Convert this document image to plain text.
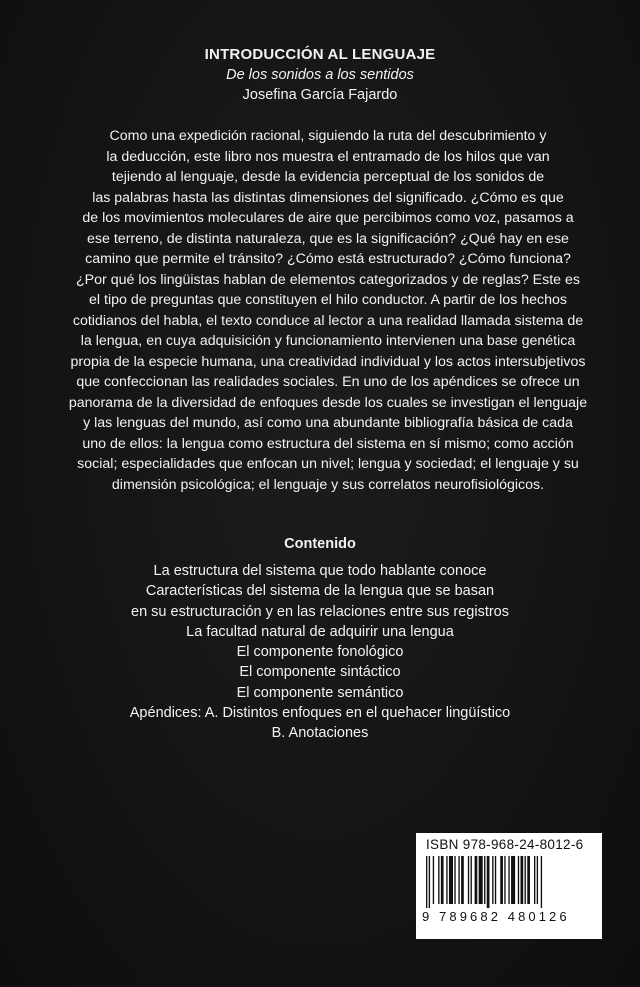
INTRODUCCIÓN AL LENGUAJE
De los sonidos a los sentidos
Josefina García Fajardo
Como una expedición racional, siguiendo la ruta del descubrimiento y
la deducción, este libro nos muestra el entramado de los hilos que van
tejiendo al lenguaje, desde la evidencia perceptual de los sonidos de
las palabras hasta las distintas dimensiones del significado. ¿Cómo es que
de los movimientos moleculares de aire que percibimos como voz, pasamos a
ese terreno, de distinta naturaleza, que es la significación? ¿Qué hay en ese
camino que permite el tránsito? ¿Cómo está estructurado? ¿Cómo funciona?
¿Por qué los lingüistas hablan de elementos categorizados y de reglas? Este es
el tipo de preguntas que constituyen el hilo conductor. A partir de los hechos
cotidianos del habla, el texto conduce al lector a una realidad llamada sistema de
la lengua, en cuya adquisición y funcionamiento intervienen una base genética
propia de la especie humana, una creatividad individual y los actos intersubjetivos
que confeccionan las realidades sociales. En uno de los apéndices se ofrece un
panorama de la diversidad de enfoques desde los cuales se investigan el lenguaje
y las lenguas del mundo, así como una abundante bibliografía básica de cada
uno de ellos: la lengua como estructura del sistema en sí mismo; como acción
social; especialidades que enfocan un nivel; lengua y sociedad; el lenguaje y su
dimensión psicológica; el lenguaje y sus correlatos neurofisiológicos.
Contenido
La estructura del sistema que todo hablante conoce
Características del sistema de la lengua que se basan
en su estructuración y en las relaciones entre sus registros
La facultad natural de adquirir una lengua
El componente fonológico
El componente sintáctico
El componente semántico
Apéndices: A. Distintos enfoques en el quehacer lingüístico
B. Anotaciones
ISBN 978-968-24-8012-6
9 789682 480126
